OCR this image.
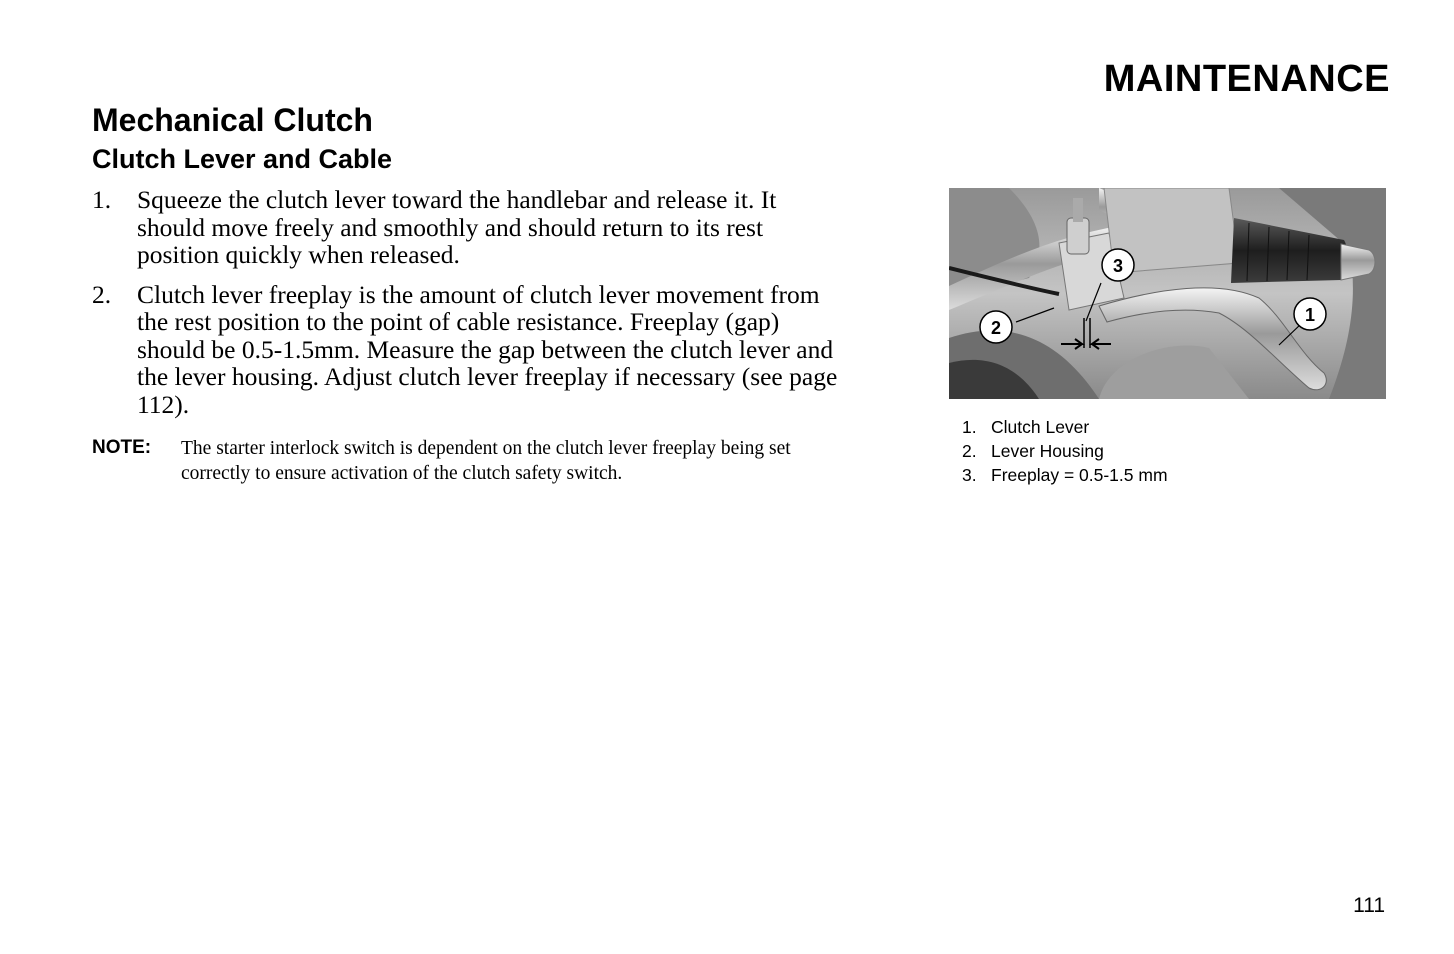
MAINTENANCE
Mechanical Clutch
Clutch Lever and Cable
1. Squeeze the clutch lever toward the handlebar and release it. It should move freely and smoothly and should return to its rest position quickly when released.
2. Clutch lever freeplay is the amount of clutch lever movement from the rest position to the point of cable resistance. Freeplay (gap) should be 0.5-1.5mm. Measure the gap between the clutch lever and the lever housing. Adjust clutch lever freeplay if necessary (see page 112).
NOTE: The starter interlock switch is dependent on the clutch lever freeplay being set correctly to ensure activation of the clutch safety switch.
3
2
1
1. Clutch Lever
2. Lever Housing
3. Freeplay = 0.5-1.5 mm
111
